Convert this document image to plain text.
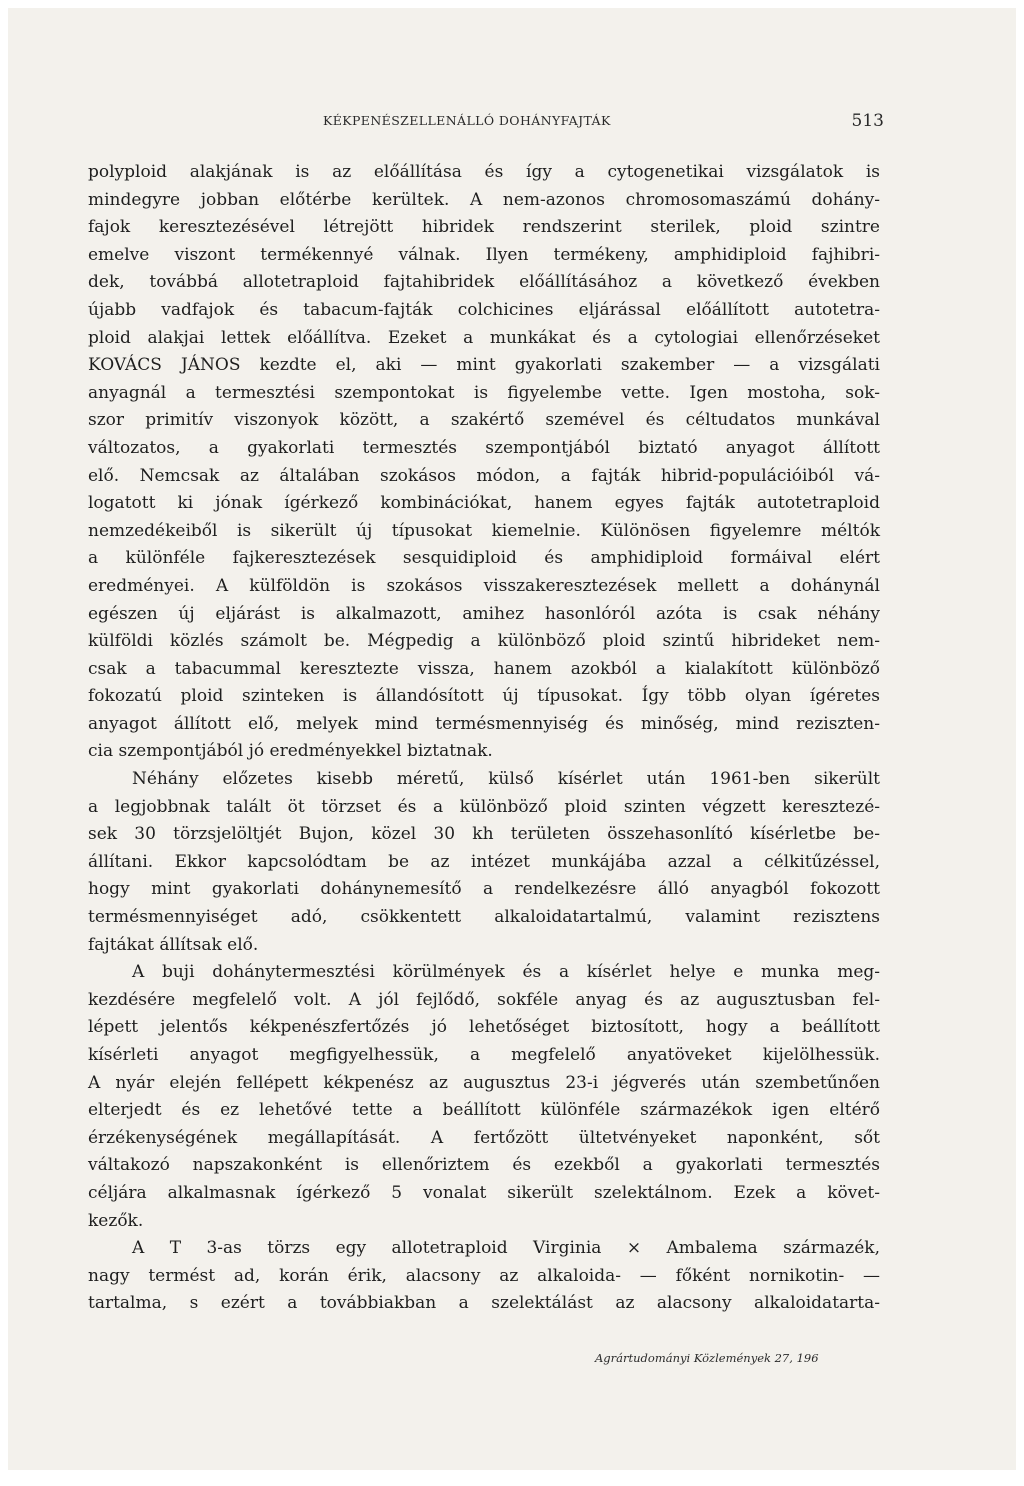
KÉKPENÉSZELLENÁLLÓ DOHÁNYFAJTÁK	513
polyploid alakjának is az előállítása és így a cytogenetikai vizsgálatok is
mindegyre jobban előtérbe kerültek. A nem-azonos chromosomaszámú dohány-
fajok keresztezésével létrejött hibridek rendszerint sterilek, ploid szintre
emelve viszont termékennyé válnak. Ilyen termékeny, amphidiploid fajhibri-
dek, továbbá allotetraploid fajtahibridek előállításához a következő években
újabb vadfajok és tabacum-fajták colchicines eljárással előállított autotetra-
ploid alakjai lettek előállítva. Ezeket a munkákat és a cytologiai ellenőrzéseket
KOVÁCS JÁNOS kezdte el, aki — mint gyakorlati szakember — a vizsgálati
anyagnál a termesztési szempontokat is figyelembe vette. Igen mostoha, sok-
szor primitív viszonyok között, a szakértő szemével és céltudatos munkával
változatos, a gyakorlati termesztés szempontjából biztató anyagot állított
elő. Nemcsak az általában szokásos módon, a fajták hibrid-populációiból vá-
logatott ki jónak ígérkező kombinációkat, hanem egyes fajták autotetraploid
nemzedékeiből is sikerült új típusokat kiemelnie. Különösen figyelemre méltók
a különféle fajkeresztezések sesquidiploid és amphidiploid formáival elért
eredményei. A külföldön is szokásos visszakeresztezések mellett a dohánynál
egészen új eljárást is alkalmazott, amihez hasonlóról azóta is csak néhány
külföldi közlés számolt be. Mégpedig a különböző ploid szintű hibrideket nem-
csak a tabacummal keresztezte vissza, hanem azokból a kialakított különböző
fokozatú ploid szinteken is állandósított új típusokat. Így több olyan ígéretes
anyagot állított elő, melyek mind termésmennyiség és minőség, mind reziszten-
cia szempontjából jó eredményekkel biztatnak.
Néhány előzetes kisebb méretű, külső kísérlet után 1961-ben sikerült
a legjobbnak talált öt törzset és a különböző ploid szinten végzett keresztezé-
sek 30 törzsjelöltjét Bujon, közel 30 kh területen összehasonlító kísérletbe be-
állítani. Ekkor kapcsolódtam be az intézet munkájába azzal a célkitűzéssel,
hogy mint gyakorlati dohánynemesítő a rendelkezésre álló anyagból fokozott
termésmennyiséget adó, csökkentett alkaloidatartalmú, valamint rezisztens
fajtákat állítsak elő.
A buji dohánytermesztési körülmények és a kísérlet helye e munka meg-
kezdésére megfelelő volt. A jól fejlődő, sokféle anyag és az augusztusban fel-
lépett jelentős kékpenészfertőzés jó lehetőséget biztosított, hogy a beállított
kísérleti anyagot megfigyelhessük, a megfelelő anyatöveket kijelölhessük.
A nyár elején fellépett kékpenész az augusztus 23-i jégverés után szembetűnően
elterjedt és ez lehetővé tette a beállított különféle származékok igen eltérő
érzékenységének megállapítását. A fertőzött ültetvényeket naponként, sőt
váltakozó napszakonként is ellenőriztem és ezekből a gyakorlati termesztés
céljára alkalmasnak ígérkező 5 vonalat sikerült szelektálnom. Ezek a követ-
kezők.
A T 3-as törzs egy allotetraploid Virginia × Ambalema származék,
nagy termést ad, korán érik, alacsony az alkaloida- — főként nornikotin- —
tartalma, s ezért a továbbiakban a szelektálást az alacsony alkaloidatarta-
Agrártudományi Közlemények 27, 196
